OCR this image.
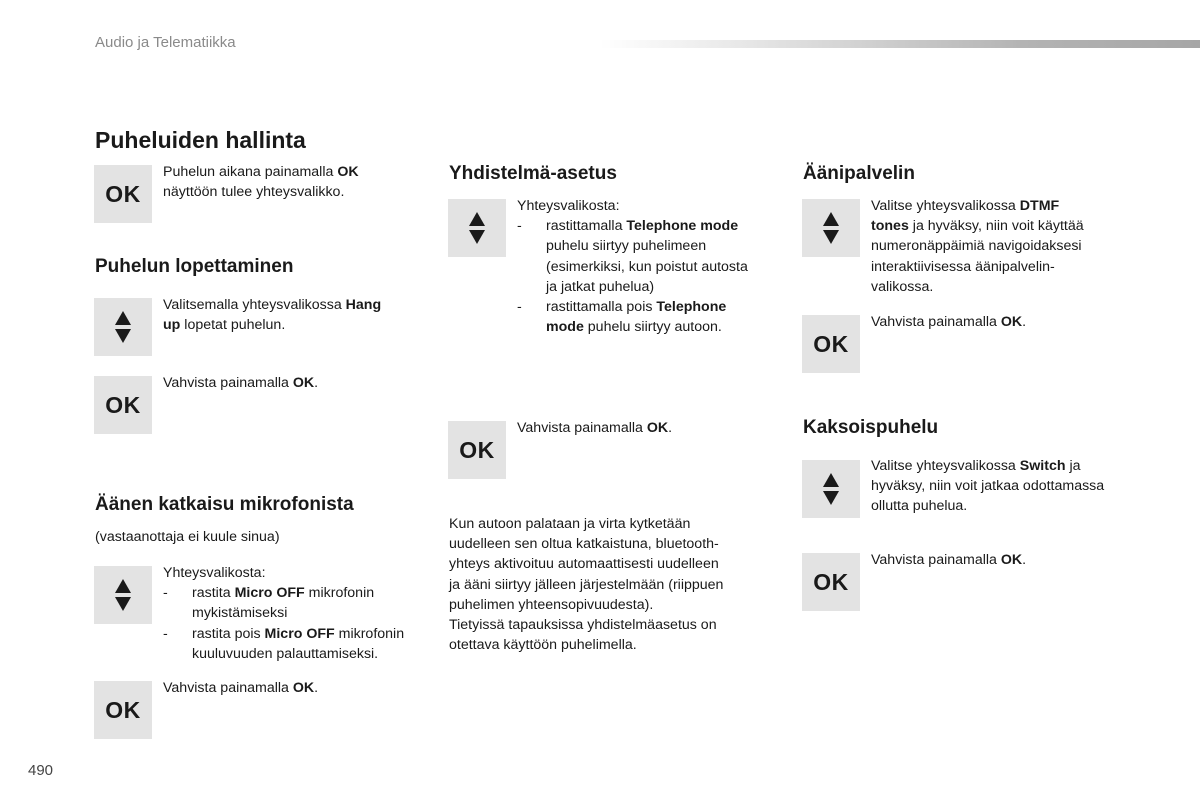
Audio ja Telematiikka
Puheluiden hallinta
OK
Puhelun aikana painamalla OK
näyttöön tulee yhteysvalikko.
Puhelun lopettaminen
Valitsemalla yhteysvalikossa Hang
up lopetat puhelun.
OK
Vahvista painamalla OK.
Äänen katkaisu mikrofonista
(vastaanottaja ei kuule sinua)
Yhteysvalikosta:
- rastita Micro OFF mikrofonin
mykistämiseksi
- rastita pois Micro OFF mikrofonin
kuuluvuuden palauttamiseksi.
OK
Vahvista painamalla OK.
Yhdistelmä-asetus
Yhteysvalikosta:
- rastittamalla Telephone mode
puhelu siirtyy puhelimeen
(esimerkiksi, kun poistut autosta
ja jatkat puhelua)
- rastittamalla pois Telephone
mode puhelu siirtyy autoon.
OK
Vahvista painamalla OK.
Kun autoon palataan ja virta kytketään
uudelleen sen oltua katkaistuna, bluetooth-
yhteys aktivoituu automaattisesti uudelleen
ja ääni siirtyy jälleen järjestelmään (riippuen
puhelimen yhteensopivuudesta).
Tietyissä tapauksissa yhdistelmäasetus on
otettava käyttöön puhelimella.
Äänipalvelin
Valitse yhteysvalikossa DTMF
tones ja hyväksy, niin voit käyttää
numeronäppäimiä navigoidaksesi
interaktiivisessa äänipalvelin-
valikossa.
OK
Vahvista painamalla OK.
Kaksoispuhelu
Valitse yhteysvalikossa Switch ja
hyväksy, niin voit jatkaa odottamassa
ollutta puhelua.
OK
Vahvista painamalla OK.
490
